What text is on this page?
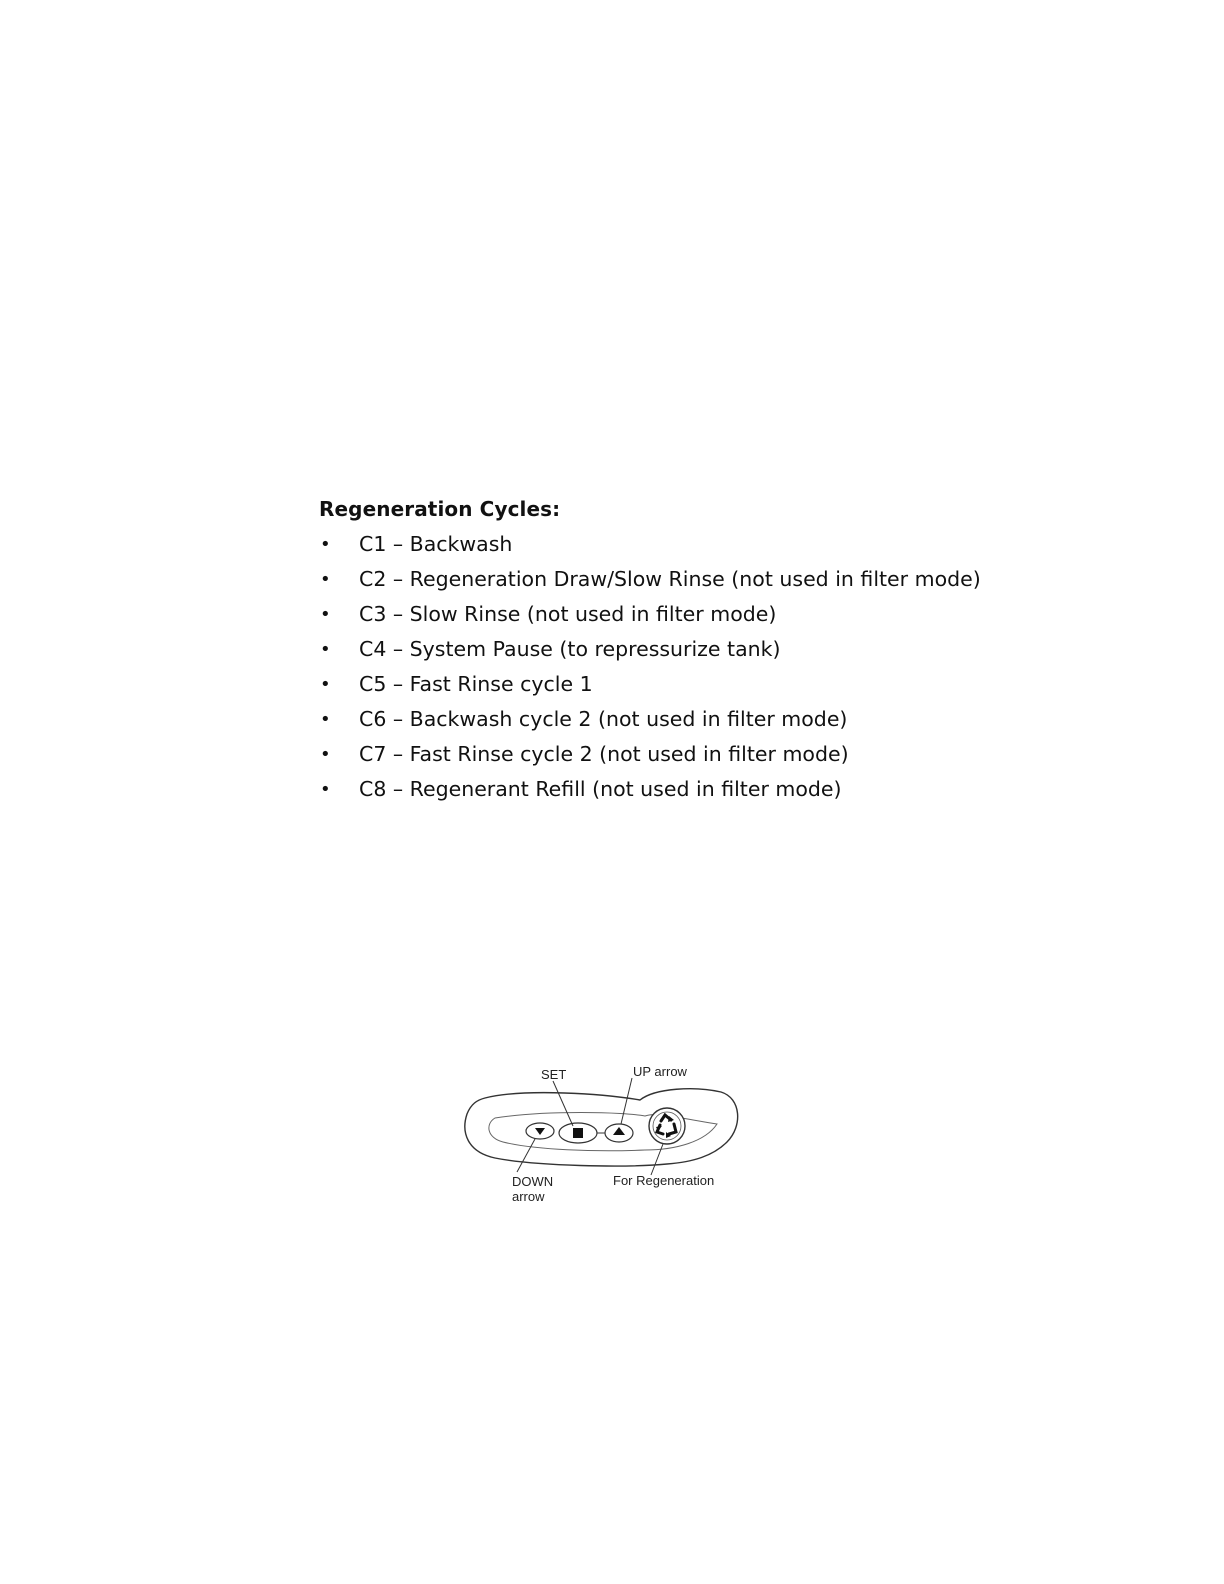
Regeneration Cycles:
• C1 – Backwash
• C2 – Regeneration Draw/Slow Rinse (not used in filter mode)
• C3 – Slow Rinse (not used in filter mode)
• C4 – System Pause (to repressurize tank)
• C5 – Fast Rinse cycle 1
• C6 – Backwash cycle 2 (not used in filter mode)
• C7 – Fast Rinse cycle 2 (not used in filter mode)
• C8 – Regenerant Refill (not used in filter mode)
SET	UP arrow
DOWN
arrow
For Regeneration
